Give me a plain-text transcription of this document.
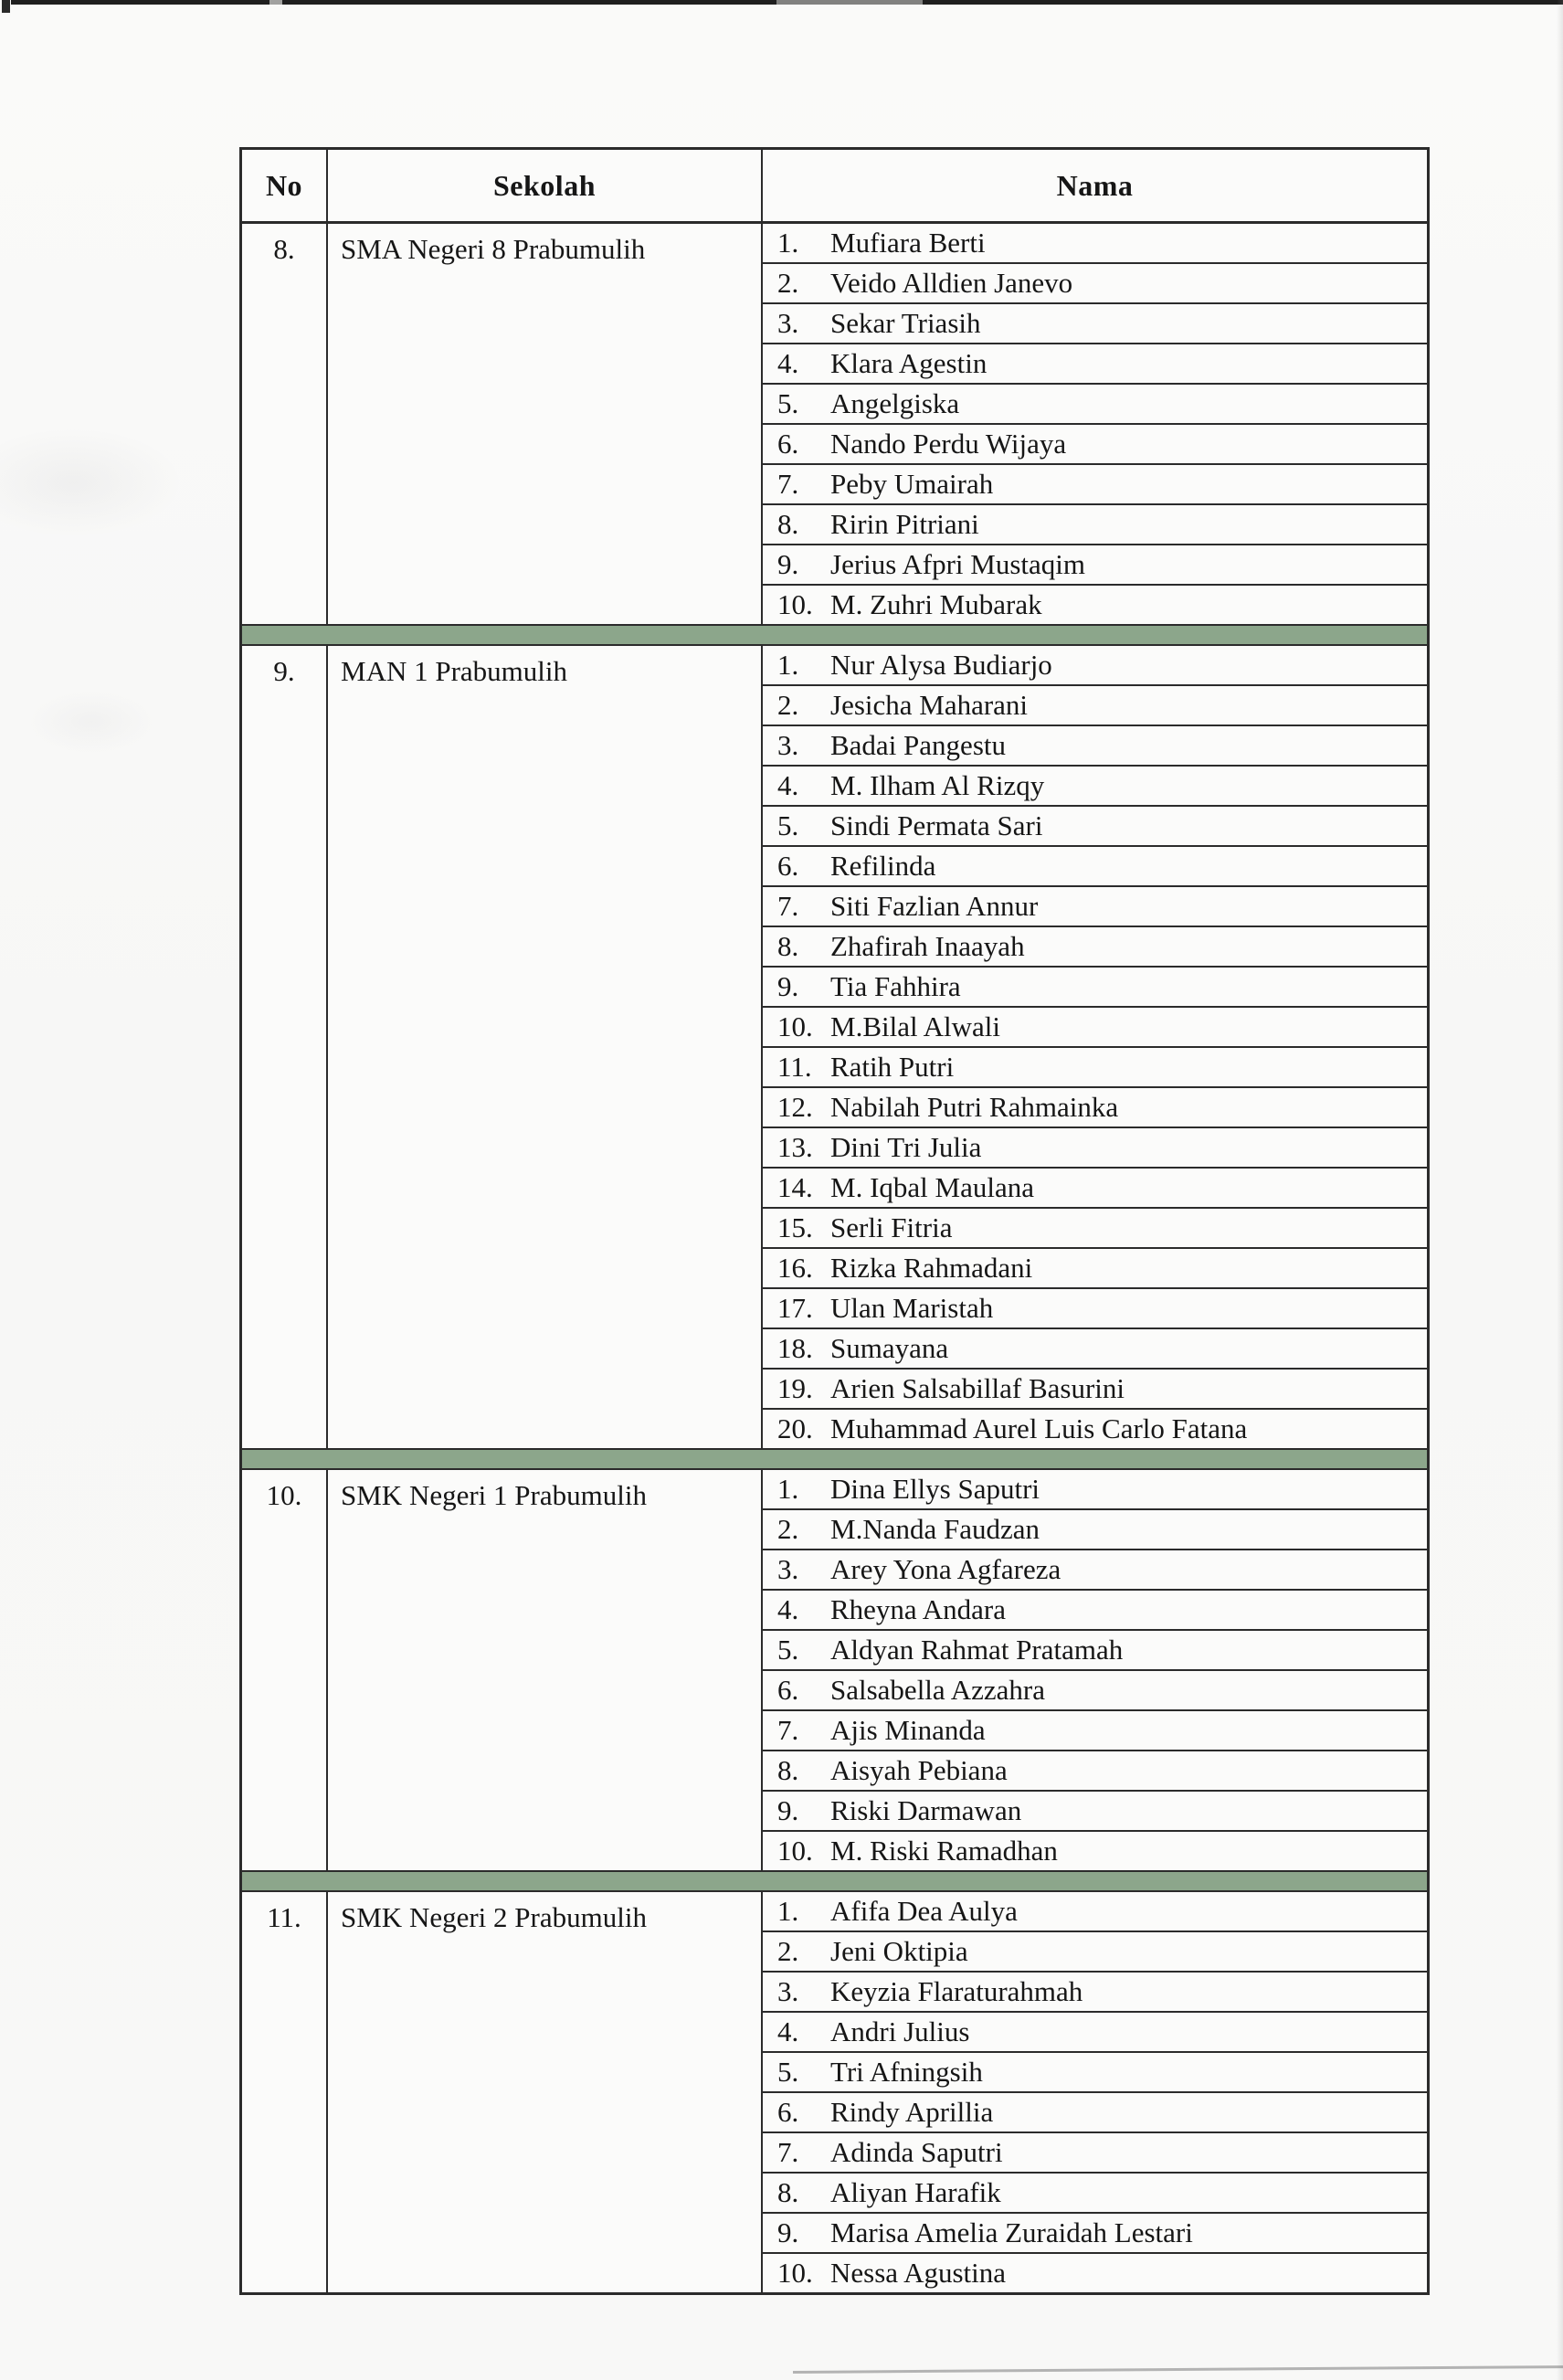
No	Sekolah	Nama
8.	SMA Negeri 8 Prabumulih	1.	Mufiara Berti
2.	Veido Alldien Janevo
3.	Sekar Triasih
4.	Klara Agestin
5.	Angelgiska
6.	Nando Perdu Wijaya
7.	Peby Umairah
8.	Ririn Pitriani
9.	Jerius Afpri Mustaqim
10. M. Zuhri Mubarak
9.	MAN 1 Prabumulih	1.	Nur Alysa Budiarjo
2.	Jesicha Maharani
3.	Badai Pangestu
4.	M. Ilham Al Rizqy
5.	Sindi Permata Sari
6.	Refilinda
7.	Siti Fazlian Annur
8.	Zhafirah Inaayah
9.	Tia Fahhira
10. M.Bilal Alwali
11. Ratih Putri
12. Nabilah Putri Rahmainka
13. Dini Tri Julia
14. M. Iqbal Maulana
15. Serli Fitria
16. Rizka Rahmadani
17. Ulan Maristah
18. Sumayana
19. Arien Salsabillaf Basurini
20. Muhammad Aurel Luis Carlo Fatana
10.	SMK Negeri 1 Prabumulih	1.	Dina Ellys Saputri
2.	M.Nanda Faudzan
3.	Arey Yona Agfareza
4.	Rheyna Andara
5.	Aldyan Rahmat Pratamah
6.	Salsabella Azzahra
7.	Ajis Minanda
8.	Aisyah Pebiana
9.	Riski Darmawan
10. M. Riski Ramadhan
11.	SMK Negeri 2 Prabumulih	1.	Afifa Dea Aulya
2.	Jeni Oktipia
3.	Keyzia Flaraturahmah
4.	Andri Julius
5.	Tri Afningsih
6.	Rindy Aprillia
7.	Adinda Saputri
8.	Aliyan Harafik
9.	Marisa Amelia Zuraidah Lestari
10. Nessa Agustina
